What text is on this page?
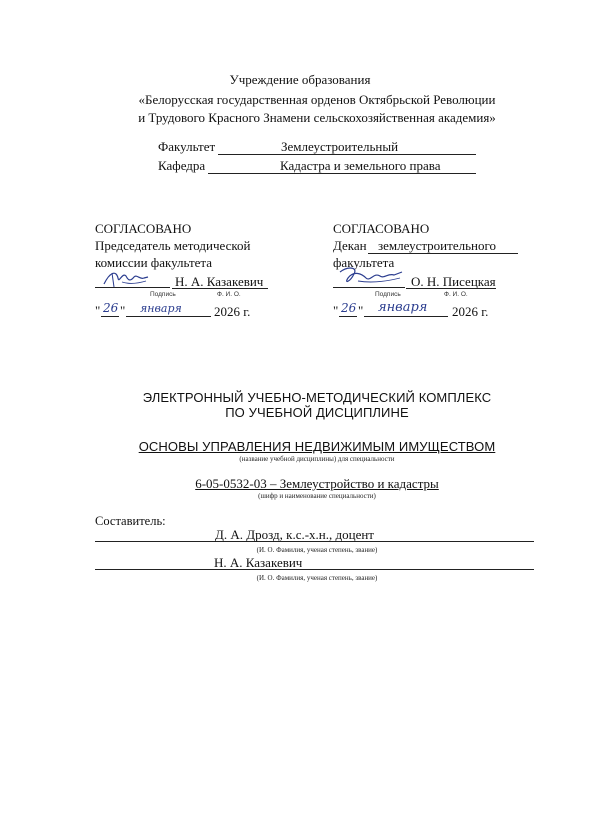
Учреждение образования
«Белорусская государственная орденов Октябрьской Революции
и Трудового Красного Знамени сельскохозяйственная академия»
Факультет	Землеустроительный
Кафедра	Кадастра и земельного права
СОГЛАСОВАНО
Председатель методической
комиссии факультета
Н. А. Казакевич
Подпись	Ф. И. О.
" 26 " января 2026 г.
СОГЛАСОВАНО
Декан землеустроительного
факультета
О. Н. Писецкая
Подпись	Ф. И. О.
" 26 " января 2026 г.
ЭЛЕКТРОННЫЙ УЧЕБНО-МЕТОДИЧЕСКИЙ КОМПЛЕКС
ПО УЧЕБНОЙ ДИСЦИПЛИНЕ
ОСНОВЫ УПРАВЛЕНИЯ НЕДВИЖИМЫМ ИМУЩЕСТВОМ
(название учебной дисциплины) для специальности
6-05-0532-03 – Землеустройство и кадастры
(шифр и наименование специальности)
Составитель:
Д. А. Дрозд, к.с.-х.н., доцент
(И. О. Фамилия, ученая степень, звание)
Н. А. Казакевич
(И. О. Фамилия, ученая степень, звание)
